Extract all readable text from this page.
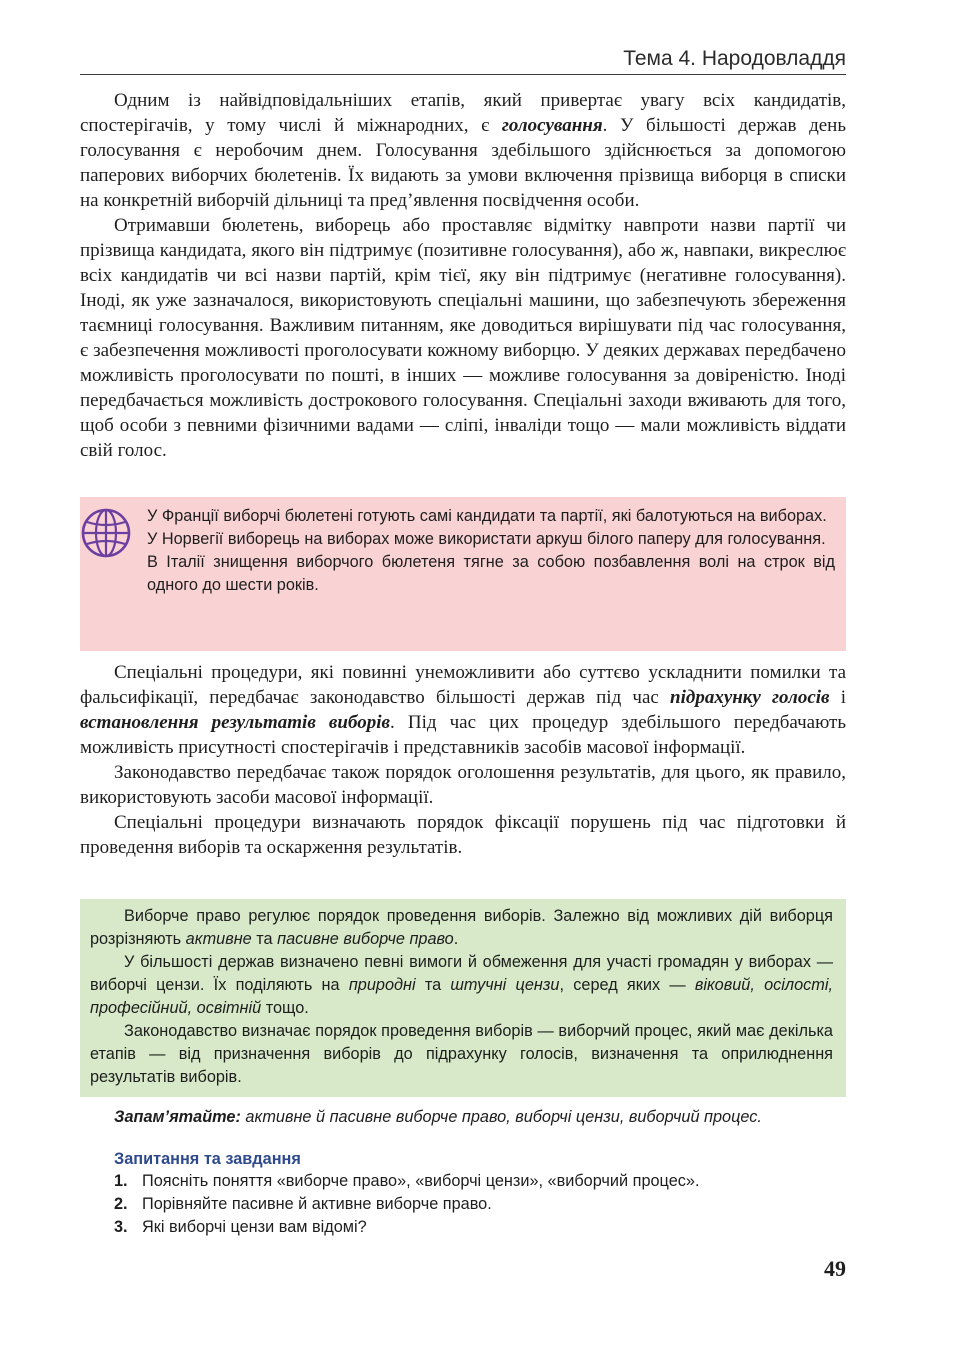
Тема 4. Народовладдя

Одним із найвідповідальніших етапів, який привертає увагу всіх кандидатів, спостерігачів, у тому числі й міжнародних, є голосування. У більшості держав день голосування є неробочим днем. Голосування здебільшого здійснюється за допомогою паперових виборчих бюлетенів. Їх видають за умови включення прізвища виборця в списки на конкретній виборчій дільниці та пред’явлення посвідчення особи.

Отримавши бюлетень, виборець або проставляє відмітку навпроти назви партії чи прізвища кандидата, якого він підтримує (позитивне голосування), або ж, навпаки, викреслює всіх кандидатів чи всі назви партій, крім тієї, яку він підтримує (негативне голосування). Іноді, як уже зазначалося, використовують спеціальні машини, що забезпечують збереження таємниці голосування. Важливим питанням, яке доводиться вирішувати під час голосування, є забезпечення можливості проголосувати кожному виборцю. У деяких державах передбачено можливість проголосувати по пошті, в інших — можливе голосування за довіреністю. Іноді передбачається можливість дострокового голосування. Спеціальні заходи вживають для того, щоб особи з певними фізичними вадами — сліпі, інваліди тощо — мали можливість віддати свій голос.

У Франції виборчі бюлетені готують самі кандидати та партії, які балотуються на виборах.

У Норвегії виборець на виборах може використати аркуш білого паперу для голосування.

В Італії знищення виборчого бюлетеня тягне за собою позбавлення волі на строк від одного до шести років.

Спеціальні процедури, які повинні унеможливити або суттєво ускладнити помилки та фальсифікації, передбачає законодавство більшості держав під час підрахунку голосів і встановлення результатів виборів. Під час цих процедур здебільшого передбачають можливість присутності спостерігачів і представників засобів масової інформації.

Законодавство передбачає також порядок оголошення результатів, для цього, як правило, використовують засоби масової інформації.

Спеціальні процедури визначають порядок фіксації порушень під час підготовки й проведення виборів та оскарження результатів.

Виборче право регулює порядок проведення виборів. Залежно від можливих дій виборця розрізняють активне та пасивне виборче право.

У більшості держав визначено певні вимоги й обмеження для участі громадян у виборах — виборчі цензи. Їх поділяють на природні та штучні цензи, серед яких — віковий, осілості, професійний, освітній тощо.

Законодавство визначає порядок проведення виборів — виборчий процес, який має декілька етапів — від призначення виборів до підрахунку голосів, визначення та оприлюднення результатів виборів.

Запам’ятайте: активне й пасивне виборче право, виборчі цензи, виборчий процес.
Запитання та завдання
1. Поясніть поняття «виборче право», «виборчі цензи», «виборчий процес».
2. Порівняйте пасивне й активне виборче право.
3. Які виборчі цензи вам відомі?
49
